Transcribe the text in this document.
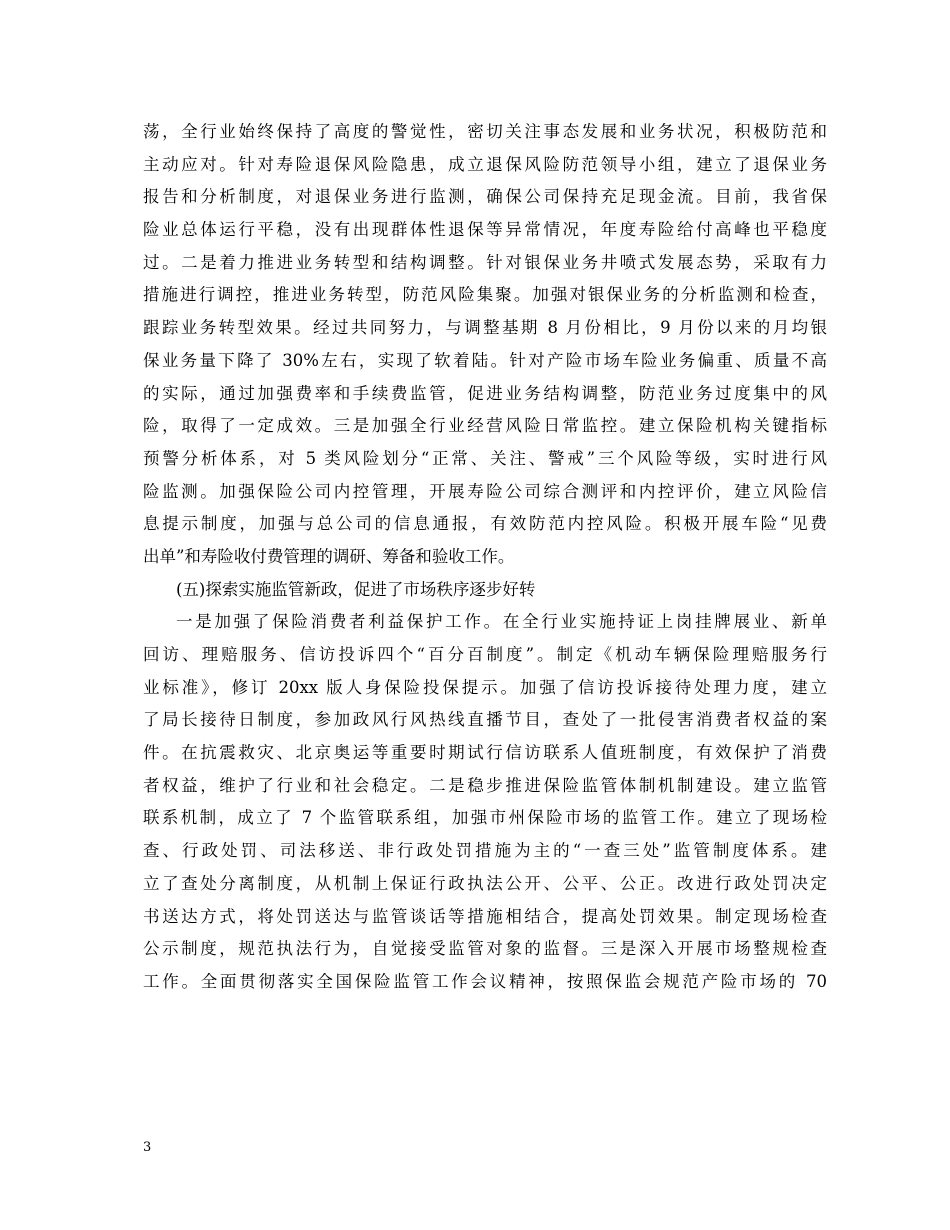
荡，全行业始终保持了高度的警觉性，密切关注事态发展和业务状况，积极防范和
主动应对。针对寿险退保风险隐患，成立退保风险防范领导小组，建立了退保业务
报告和分析制度，对退保业务进行监测，确保公司保持充足现金流。目前，我省保
险业总体运行平稳，没有出现群体性退保等异常情况，年度寿险给付高峰也平稳度
过。二是着力推进业务转型和结构调整。针对银保业务井喷式发展态势，采取有力
措施进行调控，推进业务转型，防范风险集聚。加强对银保业务的分析监测和检查，
跟踪业务转型效果。经过共同努力，与调整基期 8 月份相比，9 月份以来的月均银
保业务量下降了 30%左右，实现了软着陆。针对产险市场车险业务偏重、质量不高
的实际，通过加强费率和手续费监管，促进业务结构调整，防范业务过度集中的风
险，取得了一定成效。三是加强全行业经营风险日常监控。建立保险机构关键指标
预警分析体系，对 5 类风险划分“正常、关注、警戒”三个风险等级，实时进行风
险监测。加强保险公司内控管理，开展寿险公司综合测评和内控评价，建立风险信
息提示制度，加强与总公司的信息通报，有效防范内控风险。积极开展车险“见费
出单”和寿险收付费管理的调研、筹备和验收工作。
(五)探索实施监管新政，促进了市场秩序逐步好转
一是加强了保险消费者利益保护工作。在全行业实施持证上岗挂牌展业、新单
回访、理赔服务、信访投诉四个“百分百制度”。制定《机动车辆保险理赔服务行
业标准》，修订 20xx 版人身保险投保提示。加强了信访投诉接待处理力度，建立
了局长接待日制度，参加政风行风热线直播节目，查处了一批侵害消费者权益的案
件。在抗震救灾、北京奥运等重要时期试行信访联系人值班制度，有效保护了消费
者权益，维护了行业和社会稳定。二是稳步推进保险监管体制机制建设。建立监管
联系机制，成立了 7 个监管联系组，加强市州保险市场的监管工作。建立了现场检
查、行政处罚、司法移送、非行政处罚措施为主的“一查三处”监管制度体系。建
立了查处分离制度，从机制上保证行政执法公开、公平、公正。改进行政处罚决定
书送达方式，将处罚送达与监管谈话等措施相结合，提高处罚效果。制定现场检查
公示制度，规范执法行为，自觉接受监管对象的监督。三是深入开展市场整规检查
工作。全面贯彻落实全国保险监管工作会议精神，按照保监会规范产险市场的 70
3
